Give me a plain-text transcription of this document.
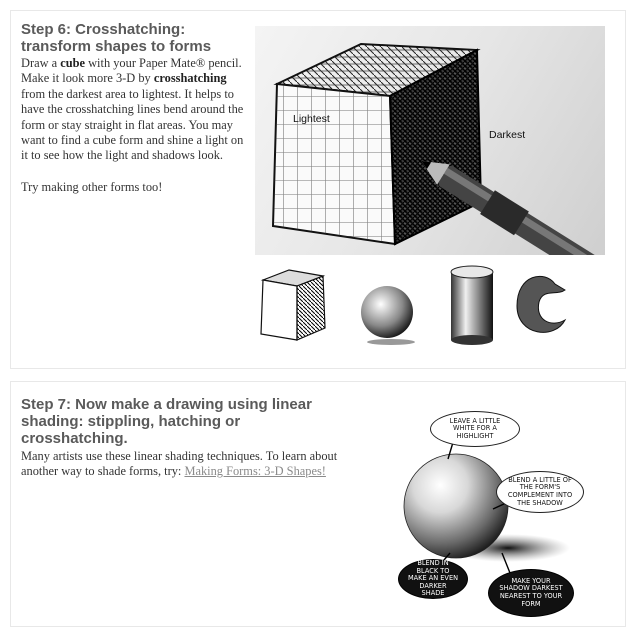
Step 6: Crosshatching:
transform shapes to forms
Draw a cube with your Paper Mate® pencil. Make it look more 3-D by crosshatching from the darkest area to lightest. It helps to have the crosshatching lines bend around the form or stay straight in flat areas. You may want to find a cube form and shine a light on it to see how the light and shadows look.
Try making other forms too!
Lightest
Darkest
Step 7: Now make a drawing using linear
shading: stippling, hatching or
crosshatching.
Many artists use these linear shading techniques. To learn about another way to shade forms, try: Making Forms: 3-D Shapes!
LEAVE A LITTLE WHITE FOR A HIGHLIGHT
BLEND A LITTLE OF THE FORM'S COMPLEMENT INTO THE SHADOW
BLEND IN BLACK TO MAKE AN EVEN DARKER SHADE
MAKE YOUR SHADOW DARKEST NEAREST TO YOUR FORM
